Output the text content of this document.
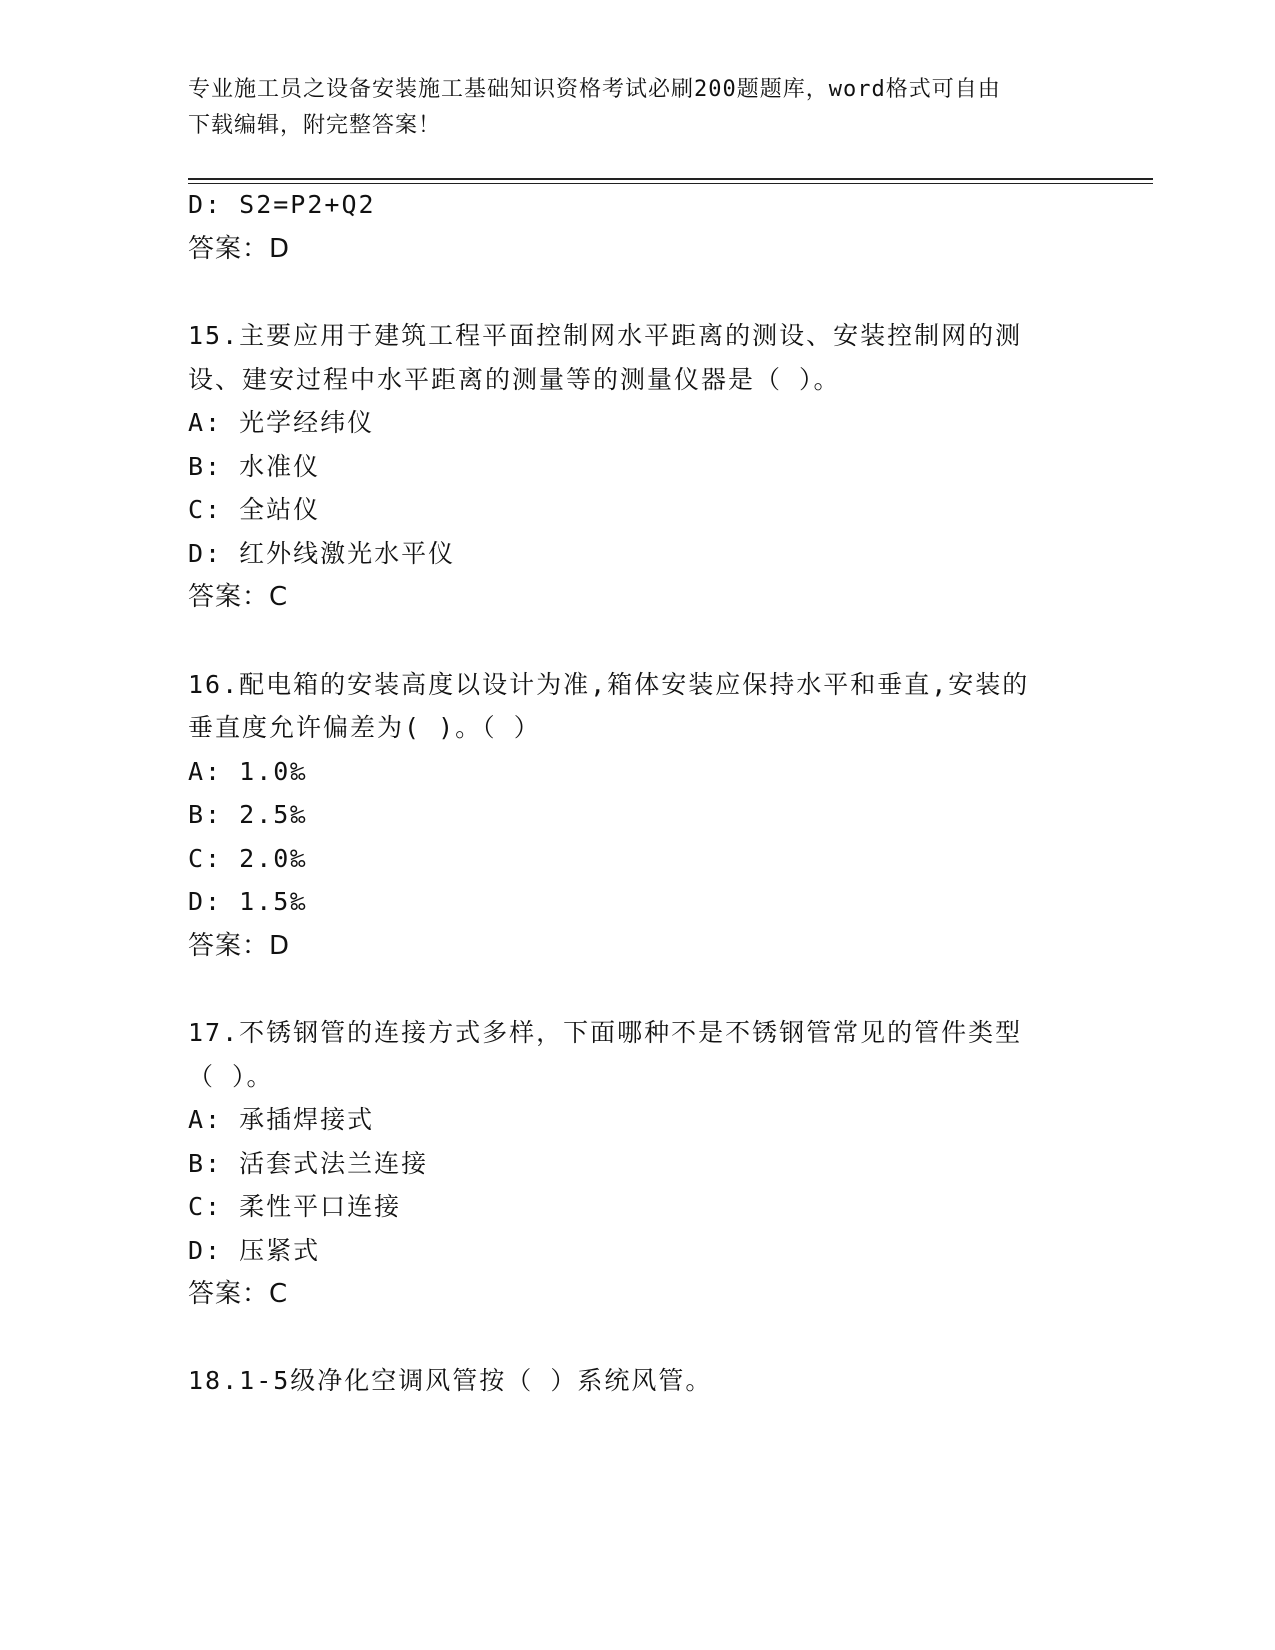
专业施工员之设备安装施工基础知识资格考试必刷200题题库，word格式可自由
下载编辑，附完整答案！
D: S2=P2+Q2
答案：D
15.主要应用于建筑工程平面控制网水平距离的测设、安装控制网的测
设、建安过程中水平距离的测量等的测量仪器是（ ）。
A: 光学经纬仪
B: 水准仪
C: 全站仪
D: 红外线激光水平仪
答案：C
16.配电箱的安装高度以设计为准,箱体安装应保持水平和垂直,安装的
垂直度允许偏差为( )。（ ）
A: 1.0‰
B: 2.5‰
C: 2.0‰
D: 1.5‰
答案：D
17.不锈钢管的连接方式多样，下面哪种不是不锈钢管常见的管件类型
（ ）。
A: 承插焊接式
B: 活套式法兰连接
C: 柔性平口连接
D: 压紧式
答案：C
18.1-5级净化空调风管按（ ）系统风管。
